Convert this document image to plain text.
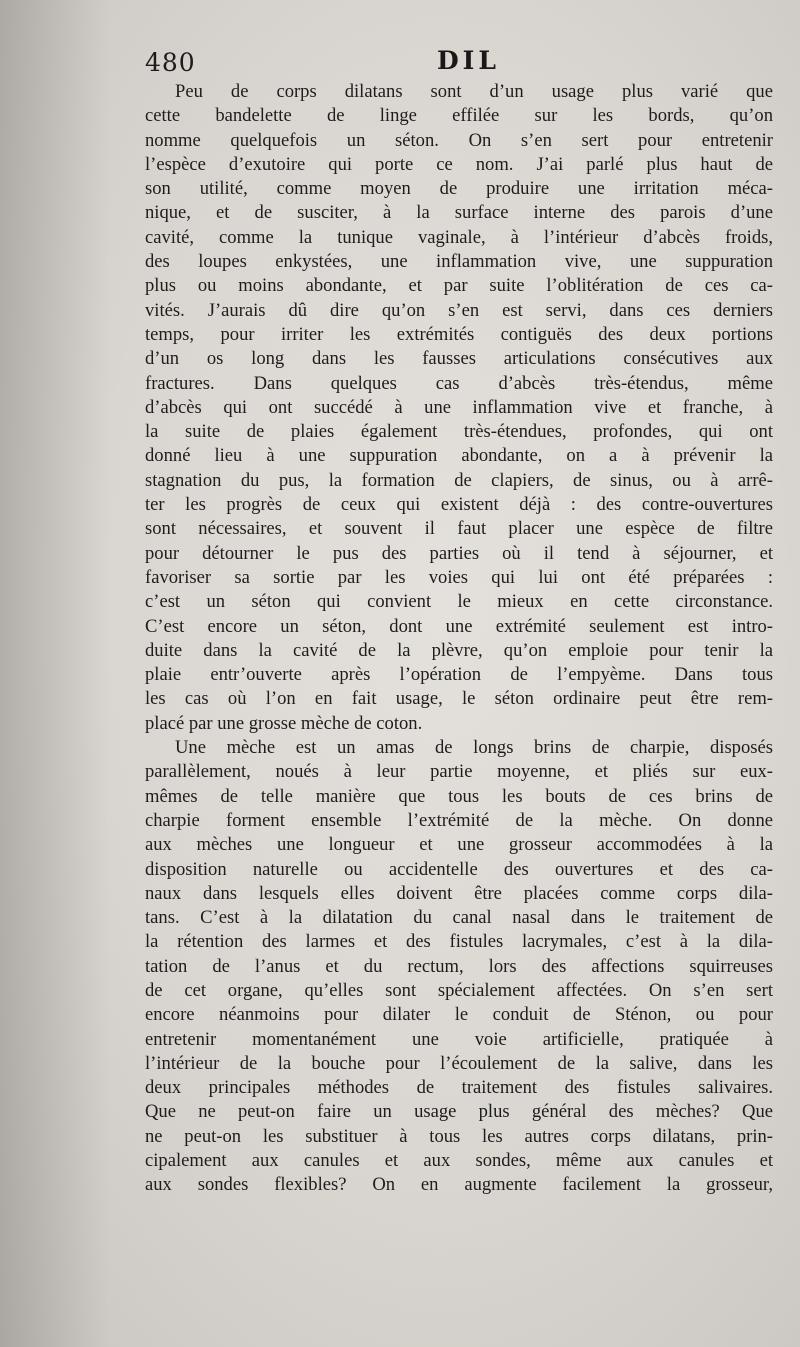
480	DIL
Peu de corps dilatans sont d’un usage plus varié que
cette bandelette de linge effilée sur les bords, qu’on
nomme quelquefois un séton. On s’en sert pour entretenir
l’espèce d’exutoire qui porte ce nom. J’ai parlé plus haut de
son utilité, comme moyen de produire une irritation méca-
nique, et de susciter, à la surface interne des parois d’une
cavité, comme la tunique vaginale, à l’intérieur d’abcès froids,
des loupes enkystées, une inflammation vive, une suppuration
plus ou moins abondante, et par suite l’oblitération de ces ca-
vités. J’aurais dû dire qu’on s’en est servi, dans ces derniers
temps, pour irriter les extrémités contiguës des deux portions
d’un os long dans les fausses articulations consécutives aux
fractures. Dans quelques cas d’abcès très-étendus, même
d’abcès qui ont succédé à une inflammation vive et franche, à
la suite de plaies également très-étendues, profondes, qui ont
donné lieu à une suppuration abondante, on a à prévenir la
stagnation du pus, la formation de clapiers, de sinus, ou à arrê-
ter les progrès de ceux qui existent déjà : des contre-ouvertures
sont nécessaires, et souvent il faut placer une espèce de filtre
pour détourner le pus des parties où il tend à séjourner, et
favoriser sa sortie par les voies qui lui ont été préparées :
c’est un séton qui convient le mieux en cette circonstance.
C’est encore un séton, dont une extrémité seulement est intro-
duite dans la cavité de la plèvre, qu’on emploie pour tenir la
plaie entr’ouverte après l’opération de l’empyème. Dans tous
les cas où l’on en fait usage, le séton ordinaire peut être rem-
placé par une grosse mèche de coton.
Une mèche est un amas de longs brins de charpie, disposés
parallèlement, noués à leur partie moyenne, et pliés sur eux-
mêmes de telle manière que tous les bouts de ces brins de
charpie forment ensemble l’extrémité de la mèche. On donne
aux mèches une longueur et une grosseur accommodées à la
disposition naturelle ou accidentelle des ouvertures et des ca-
naux dans lesquels elles doivent être placées comme corps dila-
tans. C’est à la dilatation du canal nasal dans le traitement de
la rétention des larmes et des fistules lacrymales, c’est à la dila-
tation de l’anus et du rectum, lors des affections squirreuses
de cet organe, qu’elles sont spécialement affectées. On s’en sert
encore néanmoins pour dilater le conduit de Sténon, ou pour
entretenir momentanément une voie artificielle, pratiquée à
l’intérieur de la bouche pour l’écoulement de la salive, dans les
deux principales méthodes de traitement des fistules salivaires.
Que ne peut-on faire un usage plus général des mèches? Que
ne peut-on les substituer à tous les autres corps dilatans, prin-
cipalement aux canules et aux sondes, même aux canules et
aux sondes flexibles? On en augmente facilement la grosseur,
